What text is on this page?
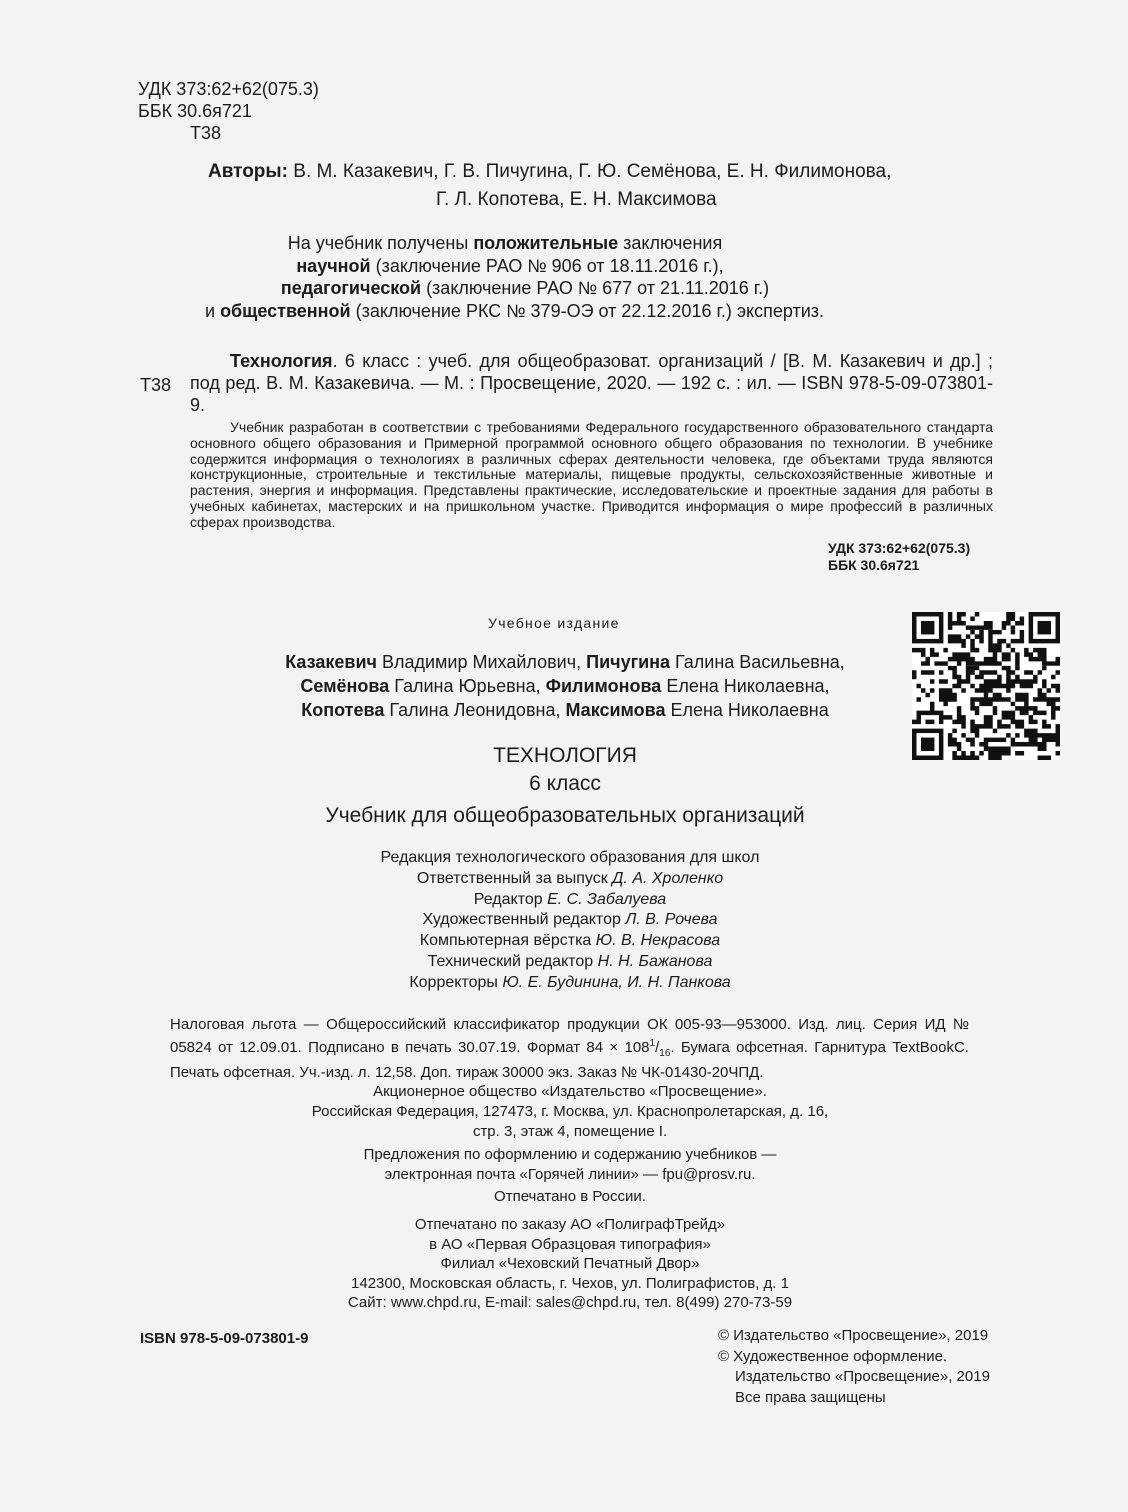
УДК 373:62+62(075.3)
ББК 30.6я721
Т38
Авторы: В. М. Казакевич, Г. В. Пичугина, Г. Ю. Семёнова, Е. Н. Филимонова,
Г. Л. Копотева, Е. Н. Максимова
На учебник получены положительные заключения
научной (заключение РАО № 906 от 18.11.2016 г.),
педагогической (заключение РАО № 677 от 21.11.2016 г.)
и общественной (заключение РКС № 379-ОЭ от 22.12.2016 г.) экспертиз.
Т38
Технология. 6 класс : учеб. для общеобразоват. организаций / [В. М. Казакевич и др.] ; под ред. В. М. Казакевича. — М. : Просвещение, 2020. — 192 с. : ил. — ISBN 978-5-09-073801-9.
Учебник разработан в соответствии с требованиями Федерального государственного образовательного стандарта основного общего образования и Примерной программой основного общего образования по технологии. В учебнике содержится информация о технологиях в различных сферах деятельности человека, где объектами труда являются конструкционные, строительные и текстильные материалы, пищевые продукты, сельскохозяйственные животные и растения, энергия и информация. Представлены практические, исследовательские и проектные задания для работы в учебных кабинетах, мастерских и на пришкольном участке. Приводится информация о мире профессий в различных сферах производства.
УДК 373:62+62(075.3)
ББК 30.6я721
Учебное издание
Казакевич Владимир Михайлович, Пичугина Галина Васильевна,
Семёнова Галина Юрьевна, Филимонова Елена Николаевна,
Копотева Галина Леонидовна, Максимова Елена Николаевна
ТЕХНОЛОГИЯ
6 класс
Учебник для общеобразовательных организаций
Редакция технологического образования для школ
Ответственный за выпуск Д. А. Хроленко
Редактор Е. С. Забалуева
Художественный редактор Л. В. Рочева
Компьютерная вёрстка Ю. В. Некрасова
Технический редактор Н. Н. Бажанова
Корректоры Ю. Е. Будинина, И. Н. Панкова
Налоговая льгота — Общероссийский классификатор продукции ОК 005-93—953000. Изд. лиц. Серия ИД № 05824 от 12.09.01. Подписано в печать 30.07.19. Формат $84 \times 108^1/_{16}$. Бумага офсетная. Гарнитура TextBookC. Печать офсетная. Уч.-изд. л. 12,58. Доп. тираж 30000 экз. Заказ № ЧК-01430-20ЧПД.
Акционерное общество «Издательство «Просвещение».
Российская Федерация, 127473, г. Москва, ул. Краснопролетарская, д. 16,
стр. 3, этаж 4, помещение I.
Предложения по оформлению и содержанию учебников —
электронная почта «Горячей линии» — fpu@prosv.ru.
Отпечатано в России.
Отпечатано по заказу АО «ПолиграфТрейд»
в АО «Первая Образцовая типография»
Филиал «Чеховский Печатный Двор»
142300, Московская область, г. Чехов, ул. Полиграфистов, д. 1
Сайт: www.chpd.ru, E-mail: sales@chpd.ru, тел. 8(499) 270-73-59
ISBN 978-5-09-073801-9	© Издательство «Просвещение», 2019
© Художественное оформление.
Издательство «Просвещение», 2019
Все права защищены
